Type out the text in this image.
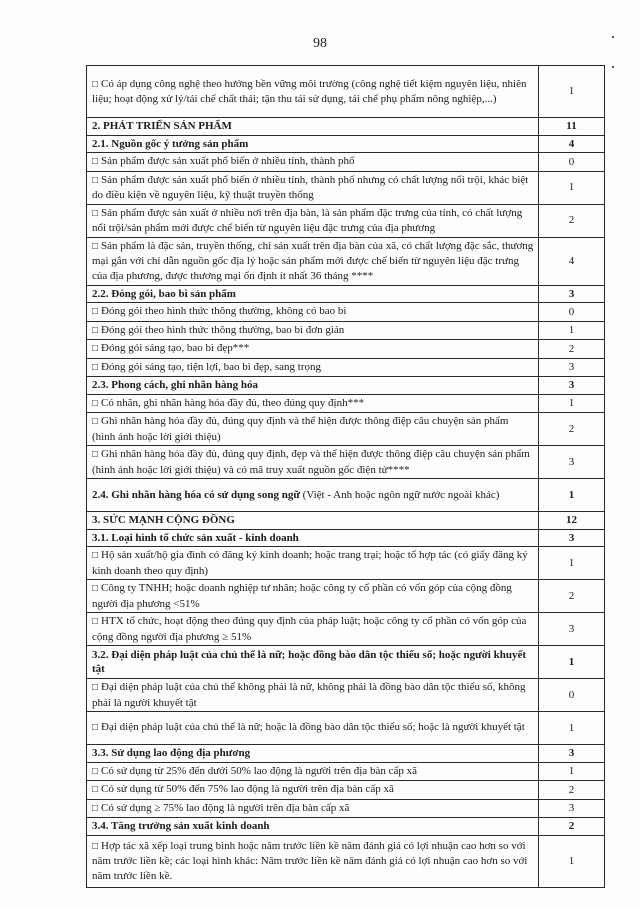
98
□ Có áp dụng công nghệ theo hướng bền vững môi trường (công nghệ tiết kiệm nguyên liệu, nhiên liệu; hoạt động xử lý/tái chế chất thải; tận thu tái sử dụng, tái chế phụ phẩm nông nghiệp,...)	1
2. PHÁT TRIỂN SẢN PHẨM	11
2.1. Nguồn gốc ý tưởng sản phẩm	4
□ Sản phẩm được sản xuất phổ biến ở nhiều tỉnh, thành phố	0
□ Sản phẩm được sản xuất phổ biến ở nhiều tỉnh, thành phố nhưng có chất lượng nổi trội, khác biệt do điều kiện về nguyên liệu, kỹ thuật truyền thống	1
□ Sản phẩm được sản xuất ở nhiều nơi trên địa bàn, là sản phẩm đặc trưng của tỉnh, có chất lượng nổi trội/sản phẩm mới được chế biến từ nguyên liệu đặc trưng của địa phương	2
□ Sản phẩm là đặc sản, truyền thống, chỉ sản xuất trên địa bàn của xã, có chất lượng đặc sắc, thương mại gắn với chỉ dẫn nguồn gốc địa lý hoặc sản phẩm mới được chế biến từ nguyên liệu đặc trưng của địa phương, được thương mại ổn định ít nhất 36 tháng ****	4
2.2. Đóng gói, bao bì sản phẩm	3
□ Đóng gói theo hình thức thông thường, không có bao bì	0
□ Đóng gói theo hình thức thông thường, bao bì đơn giản	1
□ Đóng gói sáng tạo, bao bì đẹp***	2
□ Đóng gói sáng tạo, tiện lợi, bao bì đẹp, sang trọng	3
2.3. Phong cách, ghi nhãn hàng hóa	3
□ Có nhãn, ghi nhãn hàng hóa đầy đủ, theo đúng quy định***	1
□ Ghi nhãn hàng hóa đầy đủ, đúng quy định và thể hiện được thông điệp câu chuyện sản phẩm (hình ảnh hoặc lời giới thiệu)	2
□ Ghi nhãn hàng hóa đầy đủ, đúng quy định, đẹp và thể hiện được thông điệp câu chuyện sản phẩm (hình ảnh hoặc lời giới thiệu) và có mã truy xuất nguồn gốc điện tử****	3
2.4. Ghi nhãn hàng hóa có sử dụng song ngữ (Việt - Anh hoặc ngôn ngữ nước ngoài khác)	1
3. SỨC MẠNH CỘNG ĐỒNG	12
3.1. Loại hình tổ chức sản xuất - kinh doanh	3
□ Hộ sản xuất/hộ gia đình có đăng ký kinh doanh; hoặc trang trại; hoặc tổ hợp tác (có giấy đăng ký kinh doanh theo quy định)	1
□ Công ty TNHH; hoặc doanh nghiệp tư nhân; hoặc công ty cổ phần có vốn góp của cộng đồng người địa phương <51%	2
□ HTX tổ chức, hoạt động theo đúng quy định của pháp luật; hoặc công ty cổ phần có vốn góp của cộng đồng người địa phương ≥ 51%	3
3.2. Đại diện pháp luật của chủ thể là nữ; hoặc đồng bào dân tộc thiểu số; hoặc người khuyết tật	1
□ Đại diện pháp luật của chủ thể không phải là nữ, không phải là đồng bào dân tộc thiểu số, không phải là người khuyết tật	0
□ Đại diện pháp luật của chủ thể là nữ; hoặc là đồng bào dân tộc thiểu số; hoặc là người khuyết tật	1
3.3. Sử dụng lao động địa phương	3
□ Có sử dụng từ 25% đến dưới 50% lao động là người trên địa bàn cấp xã	1
□ Có sử dụng từ 50% đến 75% lao động là người trên địa bàn cấp xã	2
□ Có sử dụng ≥ 75% lao động là người trên địa bàn cấp xã	3
3.4. Tăng trưởng sản xuất kinh doanh	2
□ Hợp tác xã xếp loại trung bình hoặc năm trước liền kề năm đánh giá có lợi nhuận cao hơn so với năm trước liền kề; các loại hình khác: Năm trước liền kề năm đánh giá có lợi nhuận cao hơn so với năm trước liền kề.	1
